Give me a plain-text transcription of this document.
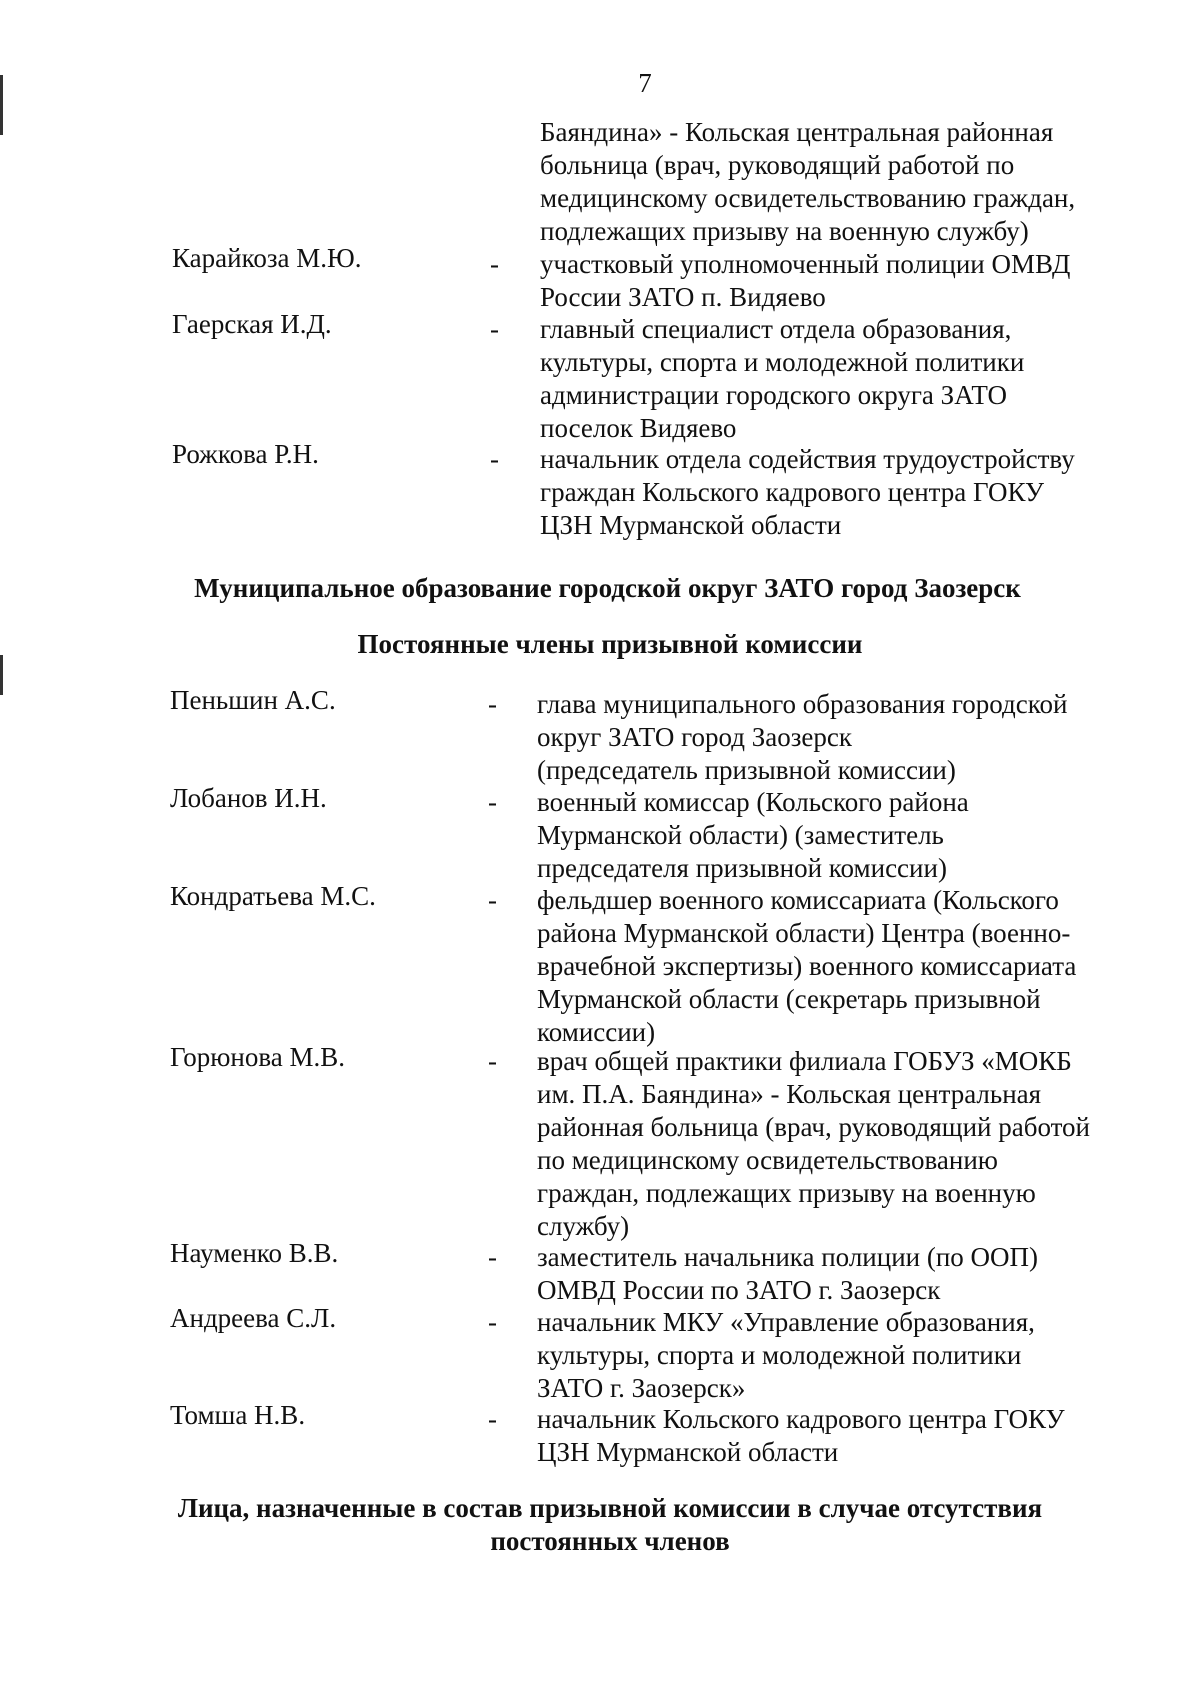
7
Баяндина» - Кольская центральная районная
больница (врач, руководящий работой по
медицинскому освидетельствованию граждан,
подлежащих призыву на военную службу)
Карайкоза М.Ю.	- участковый уполномоченный полиции ОМВД
России ЗАТО п. Видяево
Гаерская И.Д.	- главный специалист отдела образования,
культуры, спорта и молодежной политики
администрации городского округа ЗАТО
поселок Видяево
Рожкова Р.Н.	- начальник отдела содействия трудоустройству
граждан Кольского кадрового центра ГОКУ
ЦЗН Мурманской области
Муниципальное образование городской округ ЗАТО город Заозерск
Постоянные члены призывной комиссии
Пеньшин А.С.	- глава муниципального образования городской
округ ЗАТО город Заозерск
(председатель призывной комиссии)
Лобанов И.Н.	- военный комиссар (Кольского района
Мурманской области) (заместитель
председателя призывной комиссии)
Кондратьева М.С.	- фельдшер военного комиссариата (Кольского
района Мурманской области) Центра (военно-
врачебной экспертизы) военного комиссариата
Мурманской области (секретарь призывной
комиссии)
Горюнова М.В.	- врач общей практики филиала ГОБУЗ «МОКБ
им. П.А. Баяндина» - Кольская центральная
районная больница (врач, руководящий работой
по медицинскому освидетельствованию
граждан, подлежащих призыву на военную
службу)
Науменко В.В.	- заместитель начальника полиции (по ООП)
ОМВД России по ЗАТО г. Заозерск
Андреева С.Л.	- начальник МКУ «Управление образования,
культуры, спорта и молодежной политики
ЗАТО г. Заозерск»
Томша Н.В.	- начальник Кольского кадрового центра ГОКУ
ЦЗН Мурманской области
Лица, назначенные в состав призывной комиссии в случае отсутствия
постоянных членов
